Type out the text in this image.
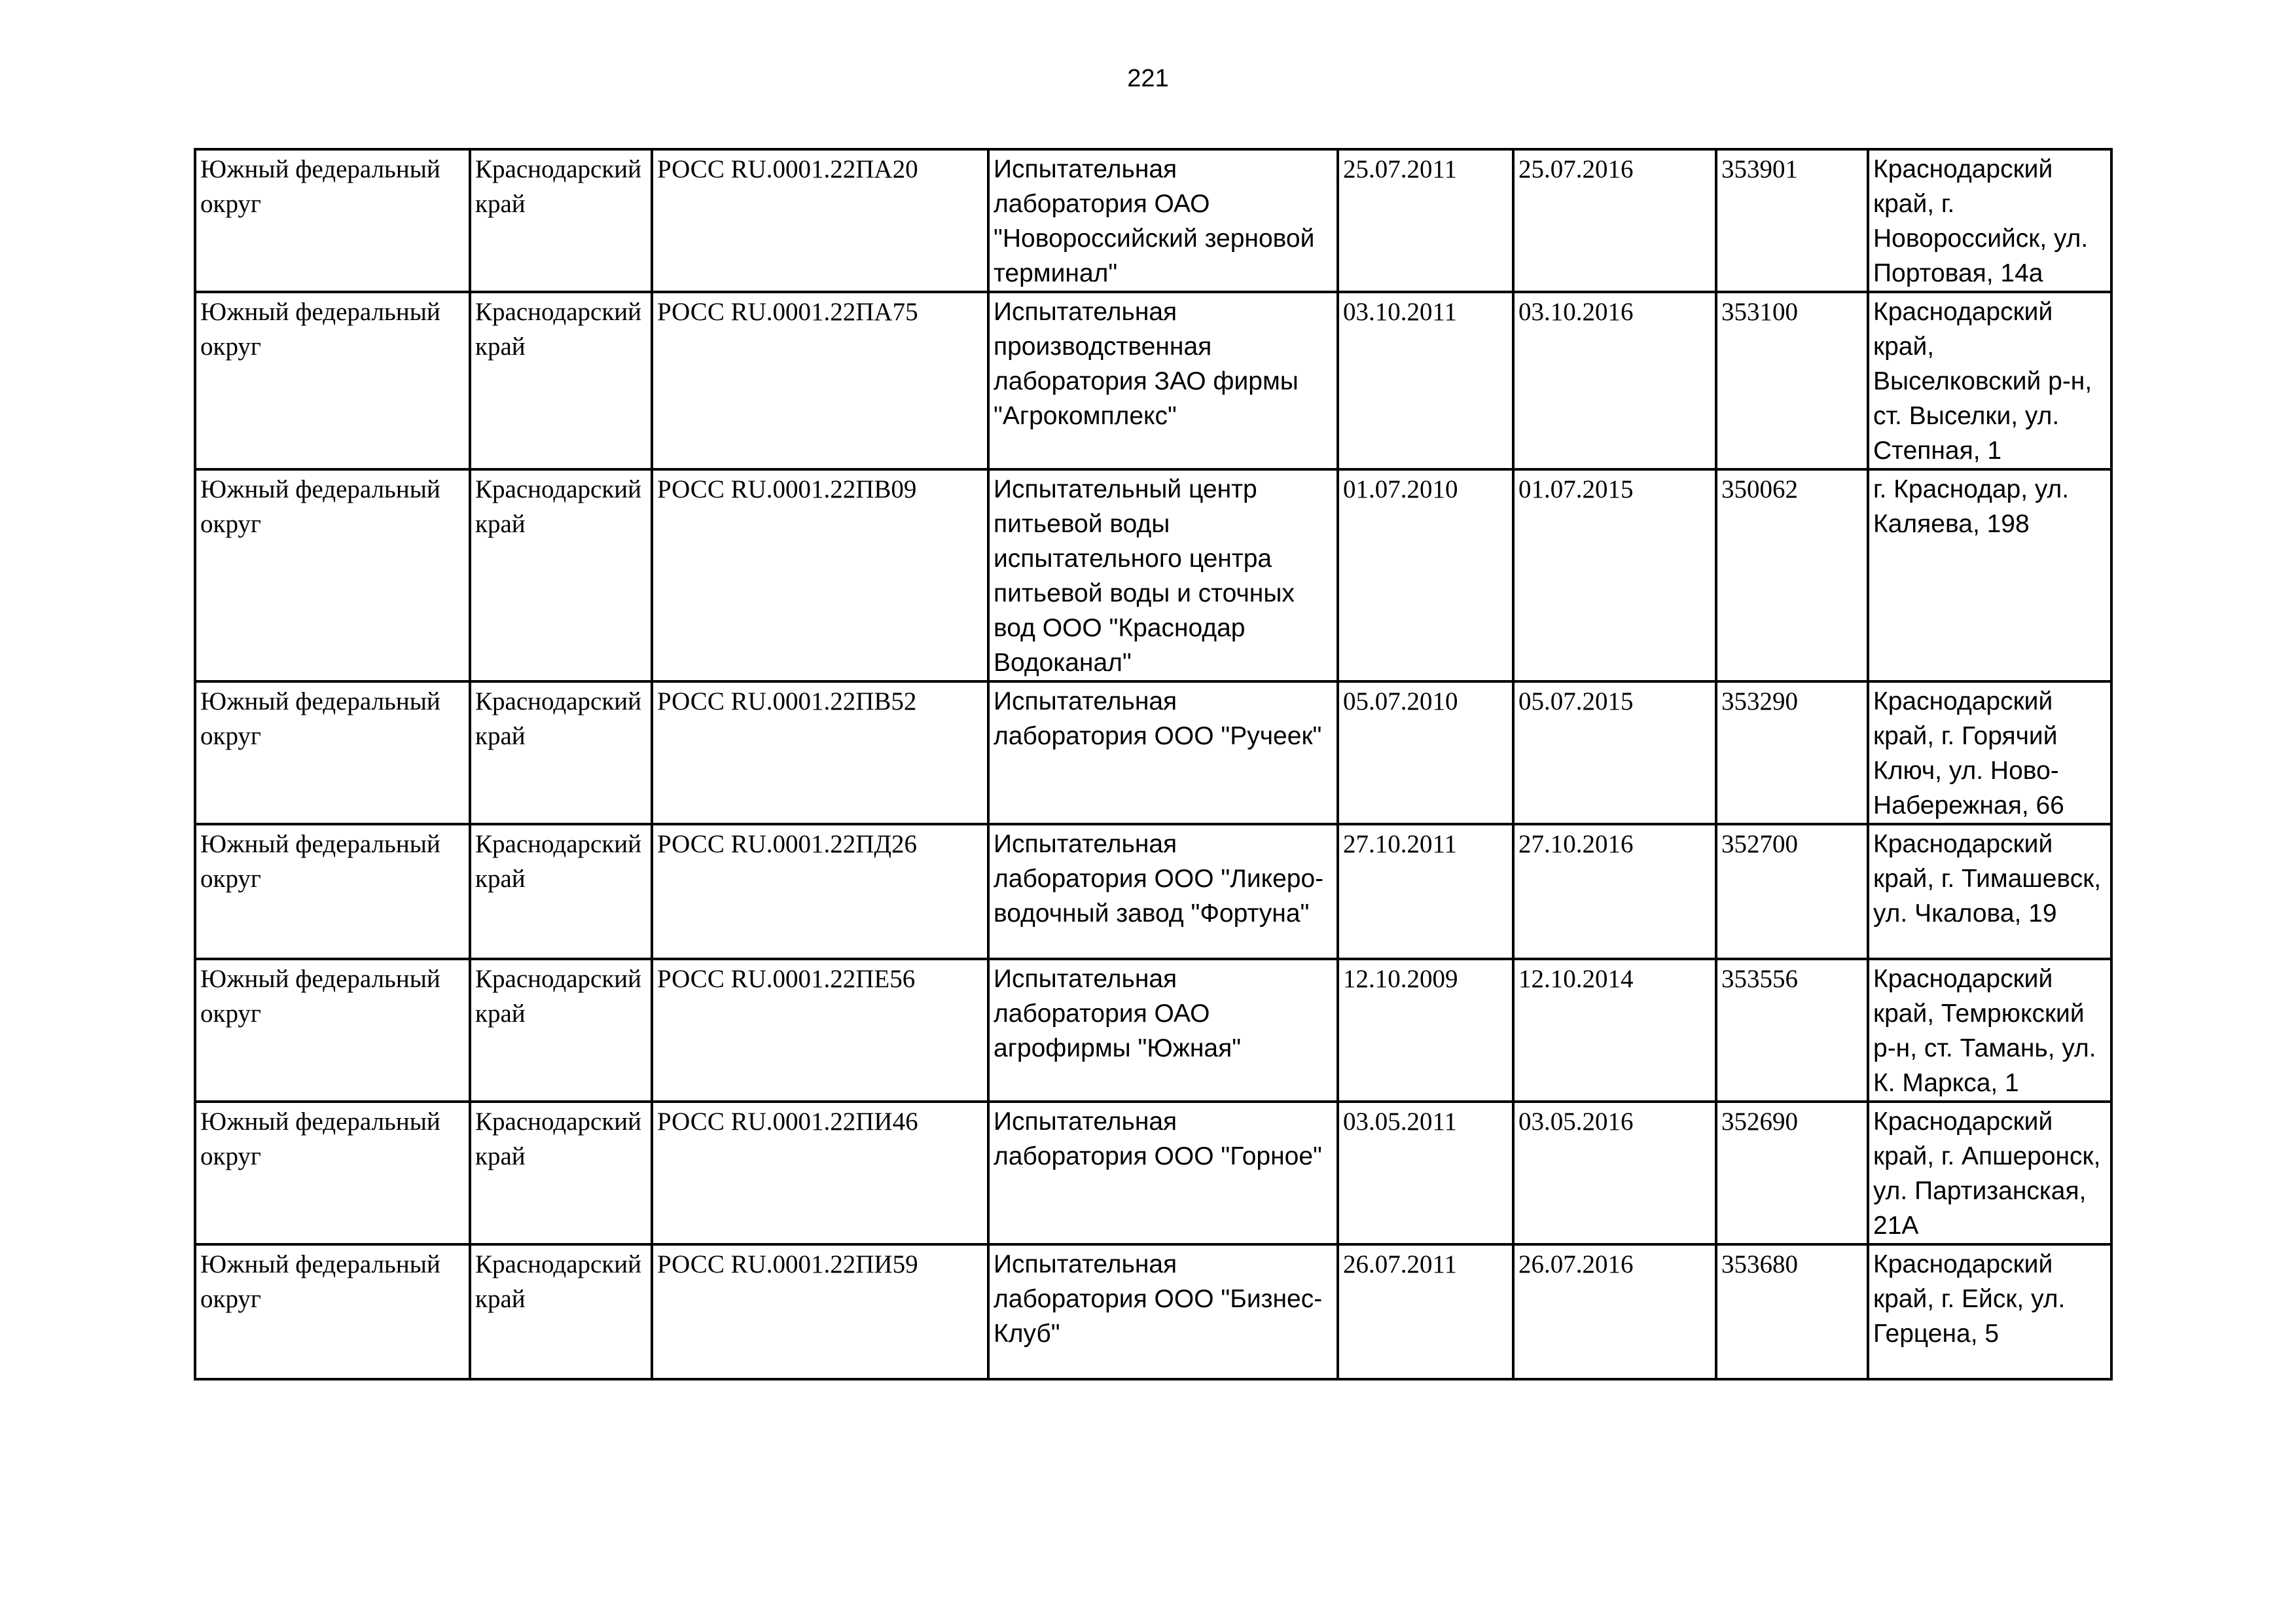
221
Южный федеральный округ	Краснодарский край	РОСС RU.0001.22ПА20	Испытательная лаборатория ОАО "Новороссийский зерновой терминал"	25.07.2011	25.07.2016	353901	Краснодарский край, г. Новороссийск, ул. Портовая, 14а
Южный федеральный округ	Краснодарский край	РОСС RU.0001.22ПА75	Испытательная производственная лаборатория ЗАО фирмы "Агрокомплекс"	03.10.2011	03.10.2016	353100	Краснодарский край, Выселковский р-н, ст. Выселки, ул. Степная, 1
Южный федеральный округ	Краснодарский край	РОСС RU.0001.22ПВ09	Испытательный центр питьевой воды испытательного центра питьевой воды и сточных вод ООО "Краснодар Водоканал"	01.07.2010	01.07.2015	350062	г. Краснодар, ул. Каляева, 198
Южный федеральный округ	Краснодарский край	РОСС RU.0001.22ПВ52	Испытательная лаборатория ООО "Ручеек"	05.07.2010	05.07.2015	353290	Краснодарский край, г. Горячий Ключ, ул. Ново-Набережная, 66
Южный федеральный округ	Краснодарский край	РОСС RU.0001.22ПД26	Испытательная лаборатория ООО "Ликеро-водочный завод "Фортуна"	27.10.2011	27.10.2016	352700	Краснодарский край, г. Тимашевск, ул. Чкалова, 19
Южный федеральный округ	Краснодарский край	РОСС RU.0001.22ПЕ56	Испытательная лаборатория ОАО агрофирмы "Южная"	12.10.2009	12.10.2014	353556	Краснодарский край, Темрюкский р-н, ст. Тамань, ул. К. Маркса, 1
Южный федеральный округ	Краснодарский край	РОСС RU.0001.22ПИ46	Испытательная лаборатория ООО "Горное"	03.05.2011	03.05.2016	352690	Краснодарский край, г. Апшеронск, ул. Партизанская, 21А
Южный федеральный округ	Краснодарский край	РОСС RU.0001.22ПИ59	Испытательная лаборатория ООО "Бизнес-Клуб"	26.07.2011	26.07.2016	353680	Краснодарский край, г. Ейск, ул. Герцена, 5
